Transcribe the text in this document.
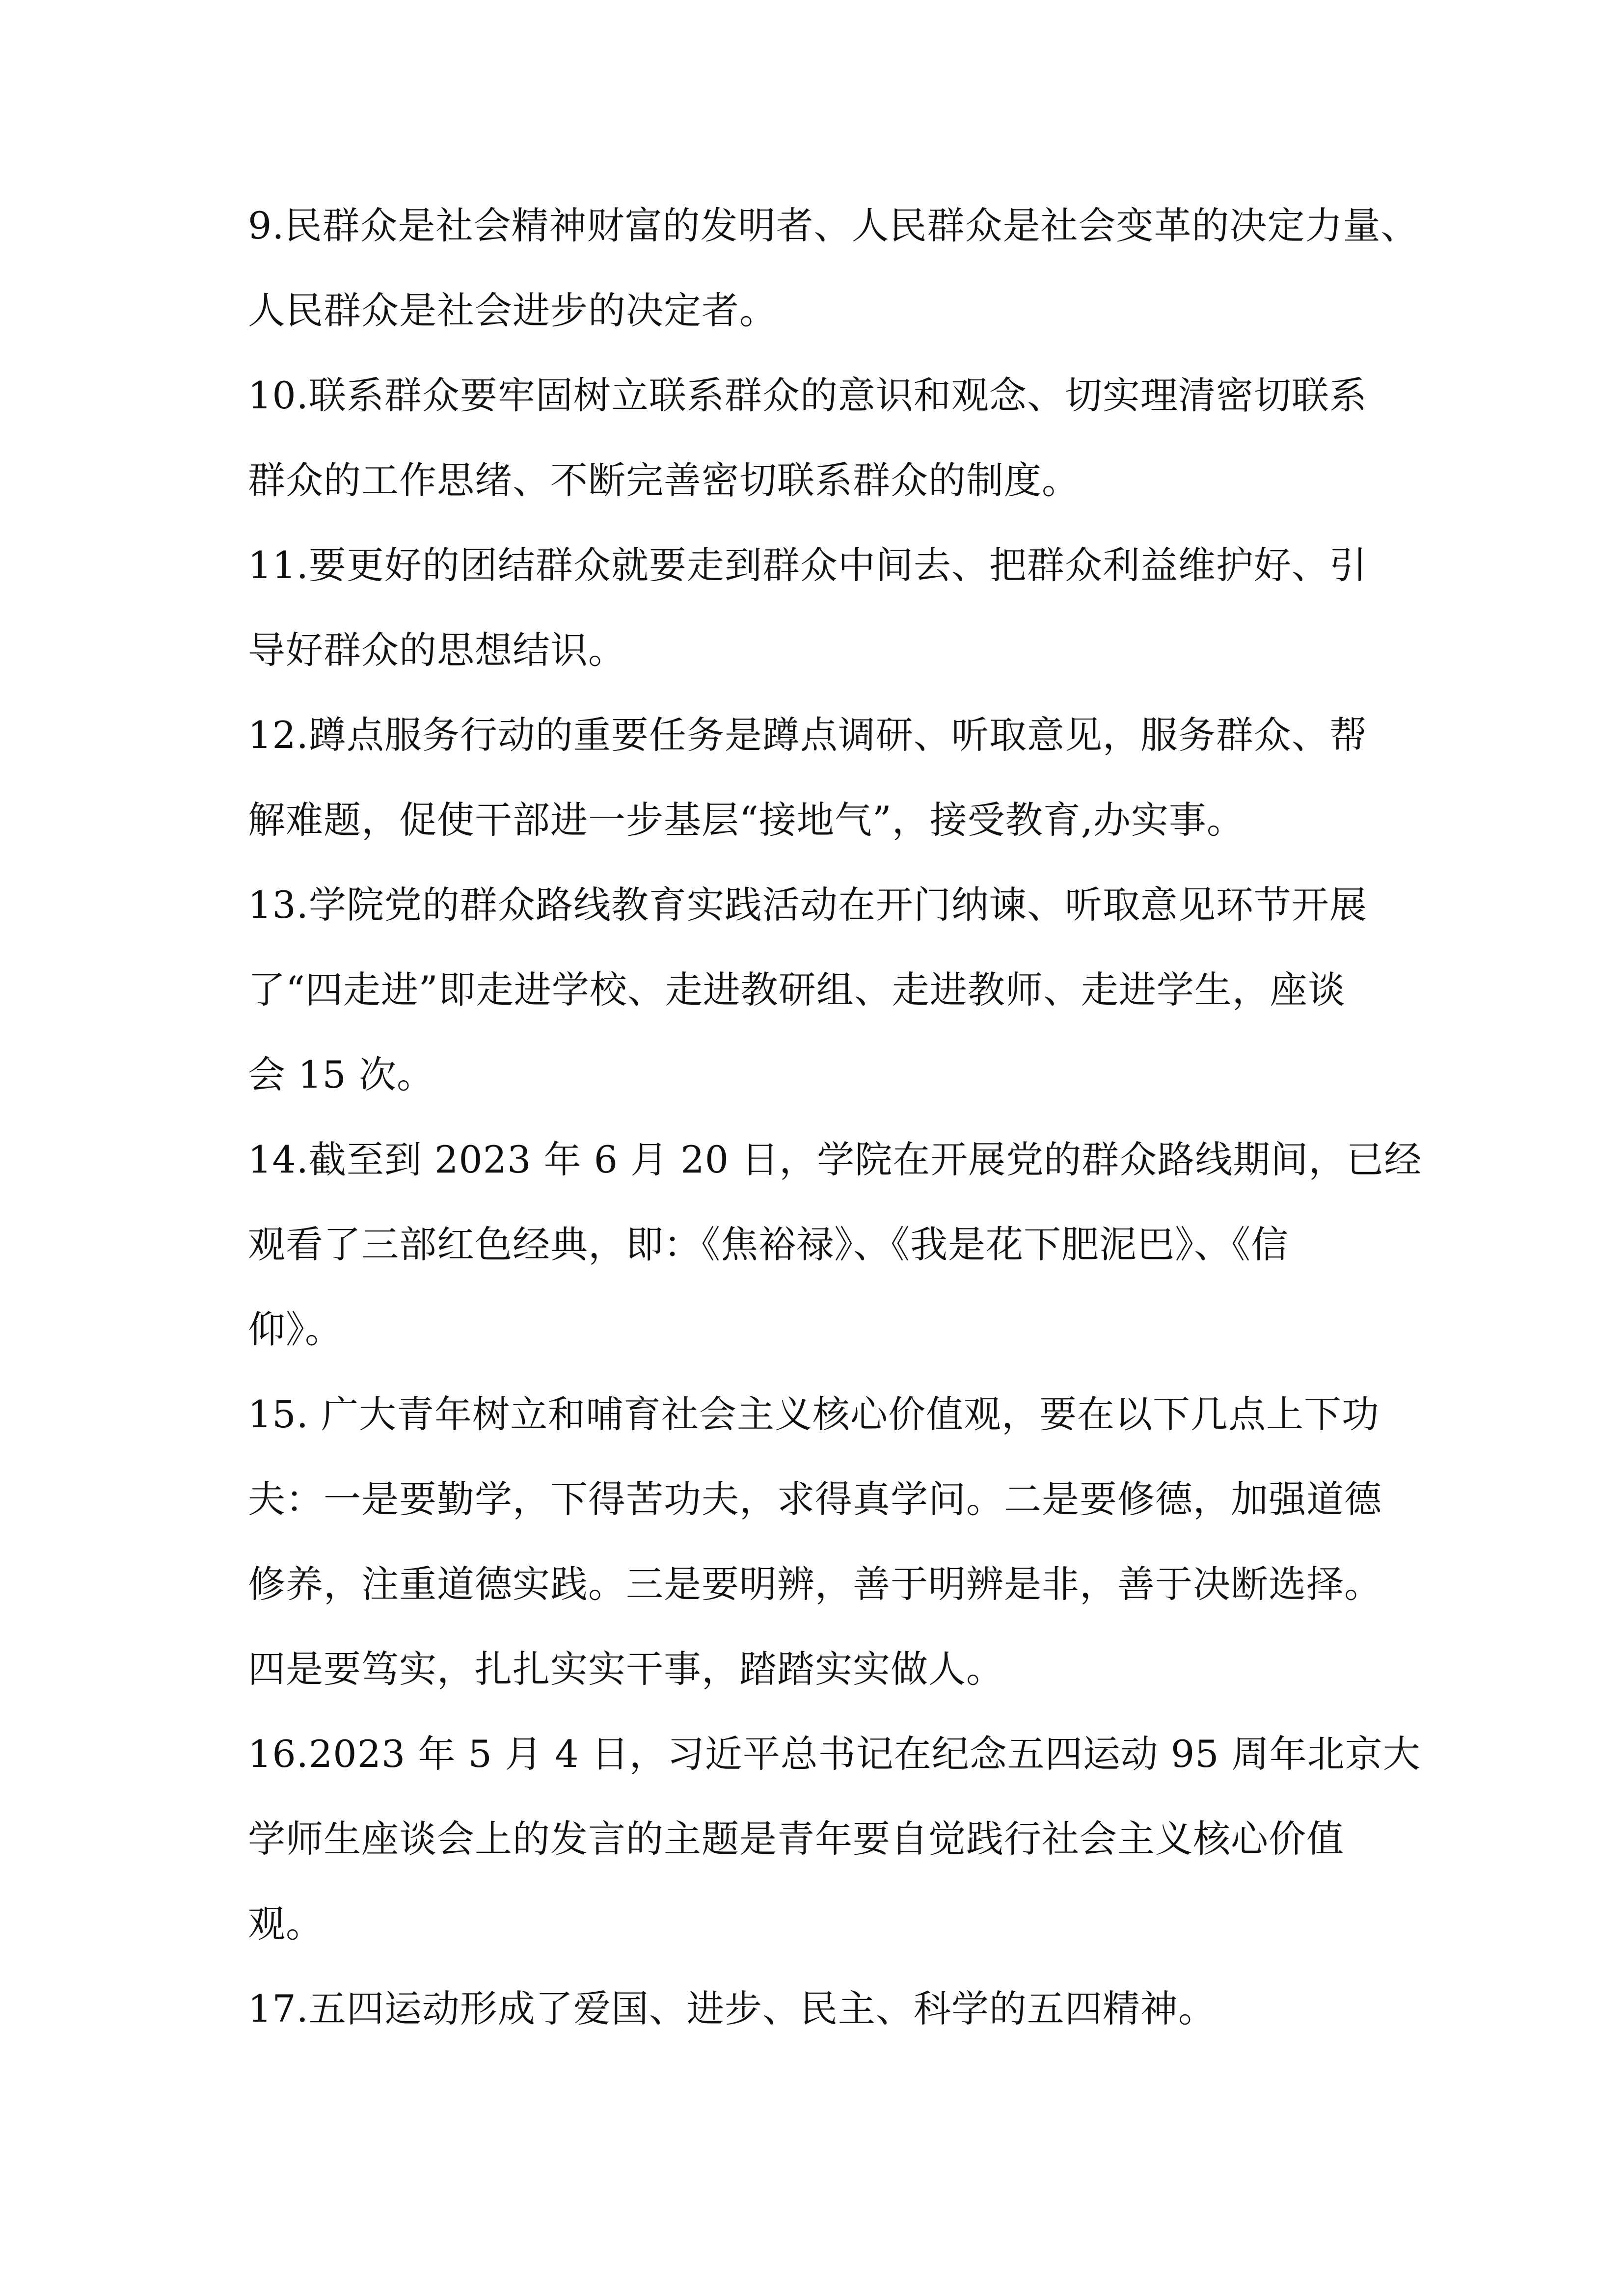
9.民群众是社会精神财富的发明者、人民群众是社会变革的决定力量、
人民群众是社会进步的决定者。
10.联系群众要牢固树立联系群众的意识和观念、切实理清密切联系
群众的工作思绪、不断完善密切联系群众的制度。
11.要更好的团结群众就要走到群众中间去、把群众利益维护好、引
导好群众的思想结识。
12.蹲点服务行动的重要任务是蹲点调研、听取意见，服务群众、帮
解难题，促使干部进一步基层“接地气”，接受教育,办实事。
13.学院党的群众路线教育实践活动在开门纳谏、听取意见环节开展
了“四走进”即走进学校、走进教研组、走进教师、走进学生，座谈
会 15 次。
14.截至到 2023 年 6 月 20 日，学院在开展党的群众路线期间，已经
观看了三部红色经典，即：《焦裕禄》、《我是花下肥泥巴》、《信
仰》。
15. 广大青年树立和哺育社会主义核心价值观，要在以下几点上下功
夫：一是要勤学，下得苦功夫，求得真学问。二是要修德，加强道德
修养，注重道德实践。三是要明辨，善于明辨是非，善于决断选择。
四是要笃实，扎扎实实干事，踏踏实实做人。
16.2023 年 5 月 4 日，习近平总书记在纪念五四运动 95 周年北京大
学师生座谈会上的发言的主题是青年要自觉践行社会主义核心价值
观。
17.五四运动形成了爱国、进步、民主、科学的五四精神。
